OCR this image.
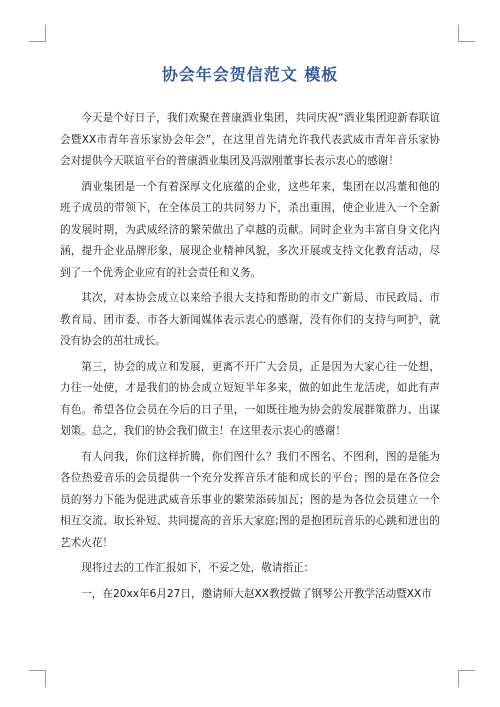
协会年会贺信范文 模板

今天是个好日子，我们欢聚在普康酒业集团，共同庆祝“酒业集团迎新春联谊会暨XX市青年音乐家协会年会”，在这里首先请允许我代表武威市青年音乐家协会对提供今天联谊平台的普康酒业集团及冯淑刚董事长表示衷心的感谢！

酒业集团是一个有着深厚文化底蕴的企业，这些年来，集团在以冯董和他的班子成员的带领下，在全体员工的共同努力下，杀出重围，使企业进入一个全新的发展时期，为武威经济的繁荣做出了卓越的贡献。同时企业为丰富自身文化内涵，提升企业品牌形象，展现企业精神风貌，多次开展或支持文化教育活动，尽到了一个优秀企业应有的社会责任和义务。

其次，对本协会成立以来给予很大支持和帮助的市文广新局、市民政局、市教育局、团市委、市各大新闻媒体表示衷心的感谢，没有你们的支持与呵护，就没有协会的茁壮成长。

第三，协会的成立和发展，更离不开广大会员，正是因为大家心往一处想，力往一处使，才是我们的协会成立短短半年多来，做的如此生龙活虎，如此有声有色。希望各位会员在今后的日子里，一如既往地为协会的发展群策群力、出谋划策。总之，我们的协会我们做主！在这里表示衷心的感谢！

有人问我，你们这样折腾，你们图什么？我们不图名、不图利，图的是能为各位热爱音乐的会员提供一个充分发挥音乐才能和成长的平台；图的是在各位会员的努力下能为促进武威音乐事业的繁荣添砖加瓦；图的是为各位会员建立一个相互交流、取长补短、共同提高的音乐大家庭;图的是抱团玩音乐的心跳和迸出的艺术火花！

现将过去的工作汇报如下，不妥之处，敬请指正：

一，在20xx年6月27日，邀请师大赵XX教授做了钢琴公开教学活动暨XX市
